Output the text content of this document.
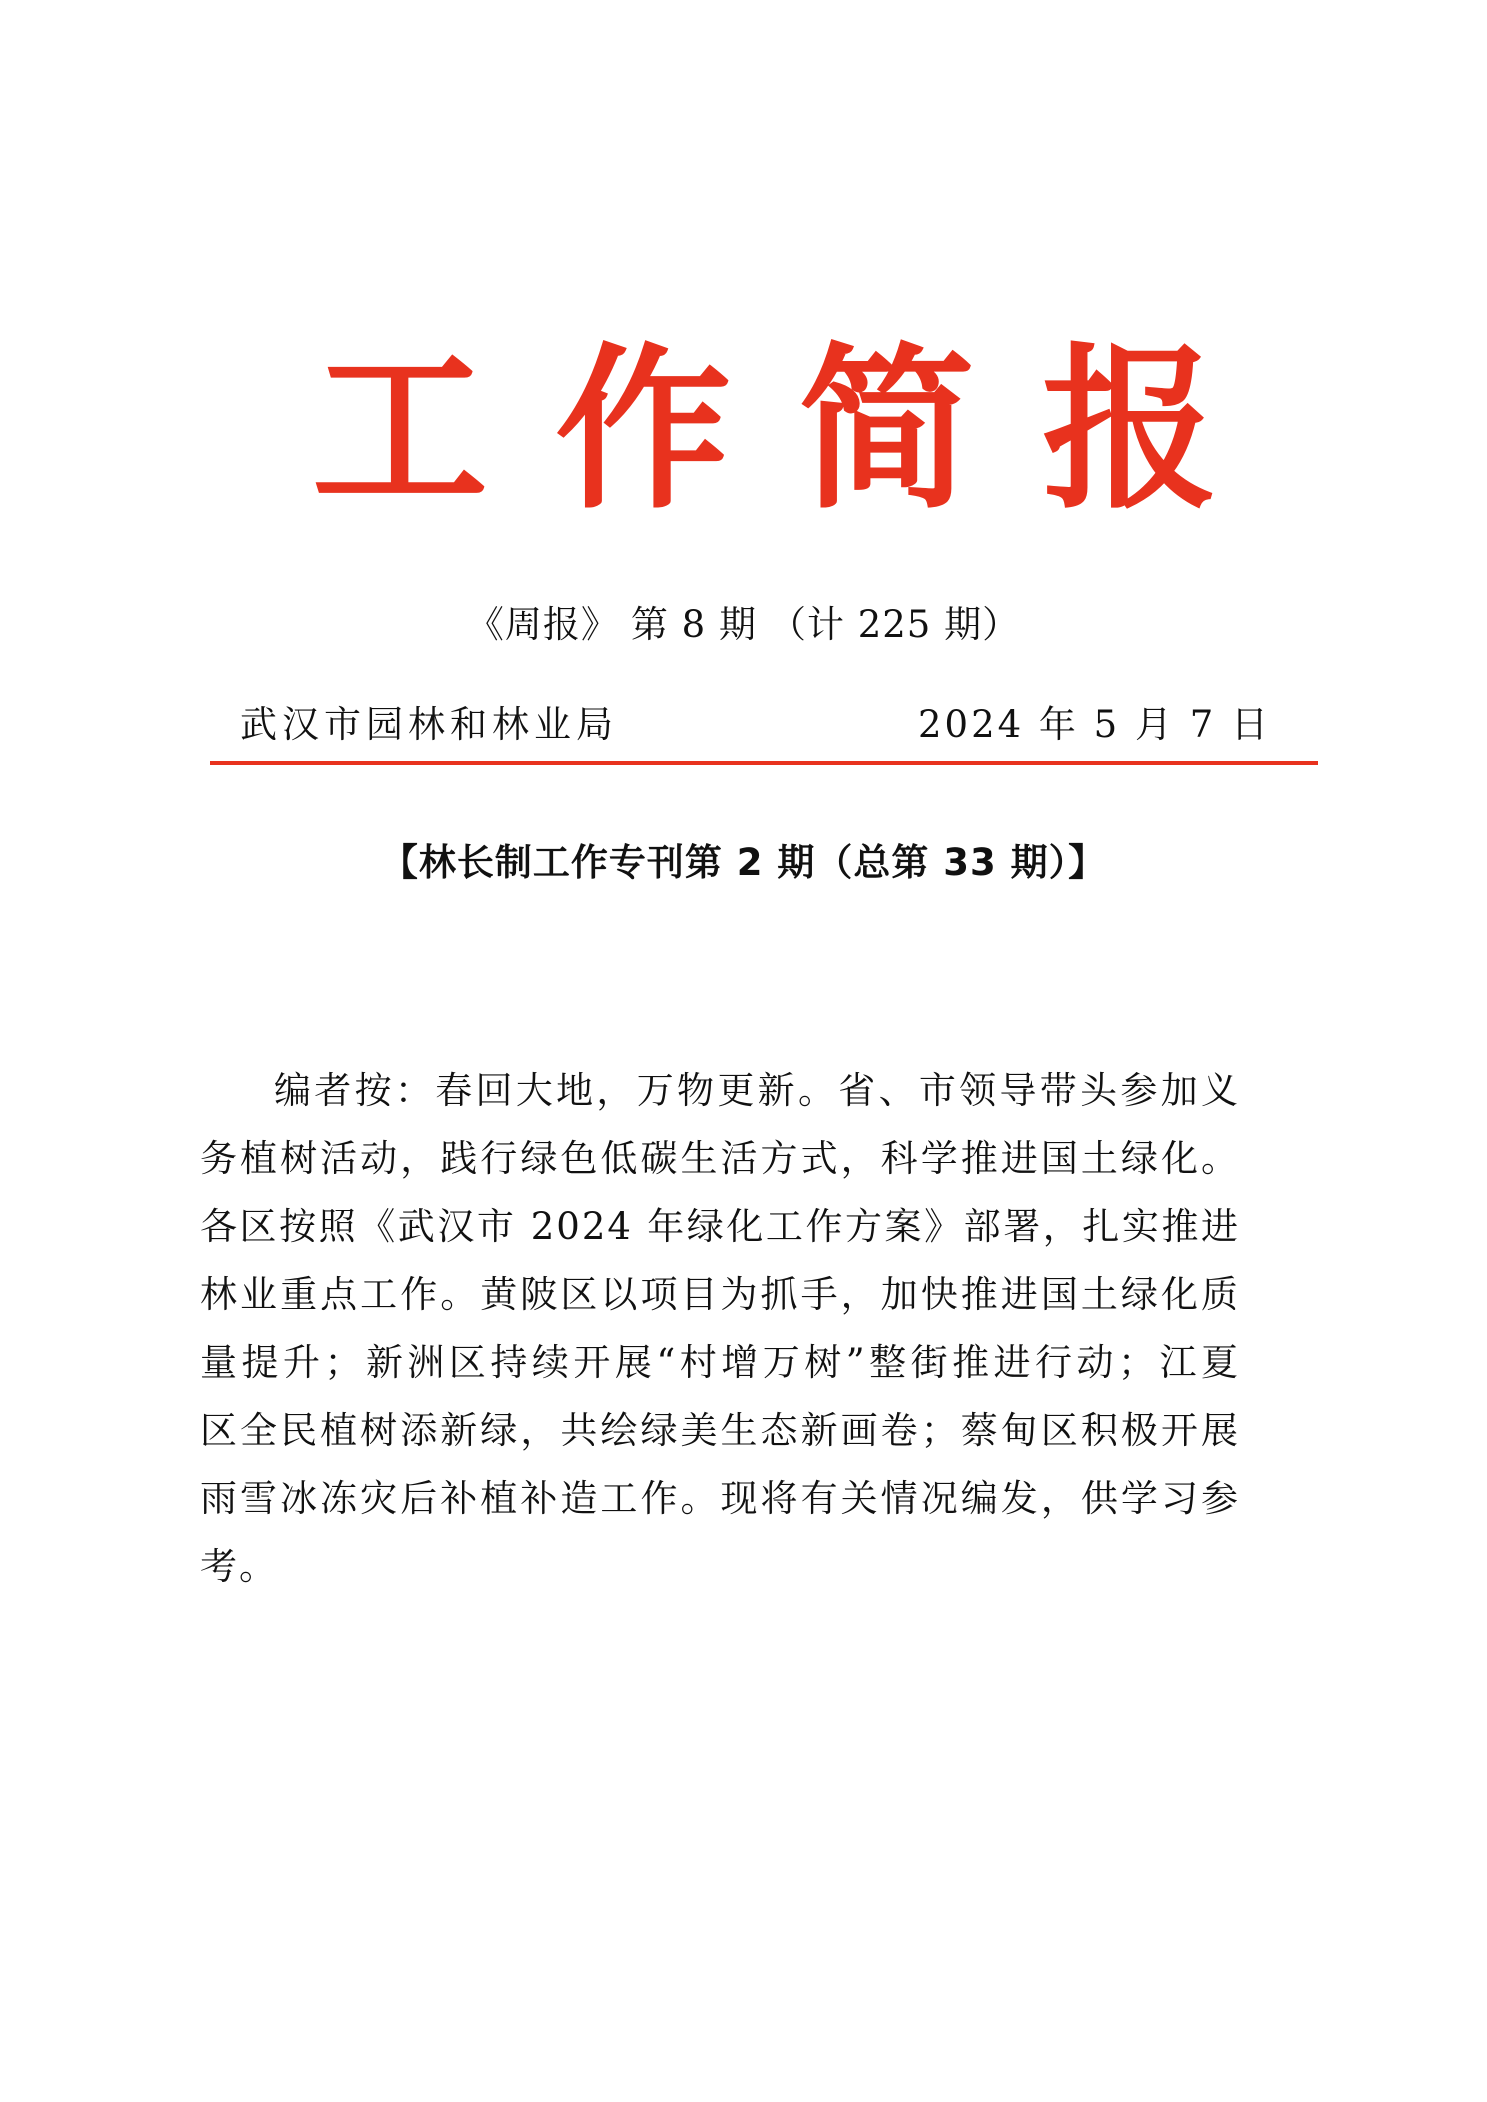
工 作 简 报
《周报》 第 8 期 （计 225 期）
武汉市园林和林业局	2024 年 5 月 7 日
【林长制工作专刊第 2 期（总第 33 期）】
编者按：春回大地，万物更新。省、市领导带头参加义
务植树活动，践行绿色低碳生活方式，科学推进国土绿化。
各区按照《武汉市 2024 年绿化工作方案》部署，扎实推进
林业重点工作。黄陂区以项目为抓手，加快推进国土绿化质
量提升；新洲区持续开展“村增万树”整街推进行动；江夏
区全民植树添新绿，共绘绿美生态新画卷；蔡甸区积极开展
雨雪冰冻灾后补植补造工作。现将有关情况编发，供学习参
考。
